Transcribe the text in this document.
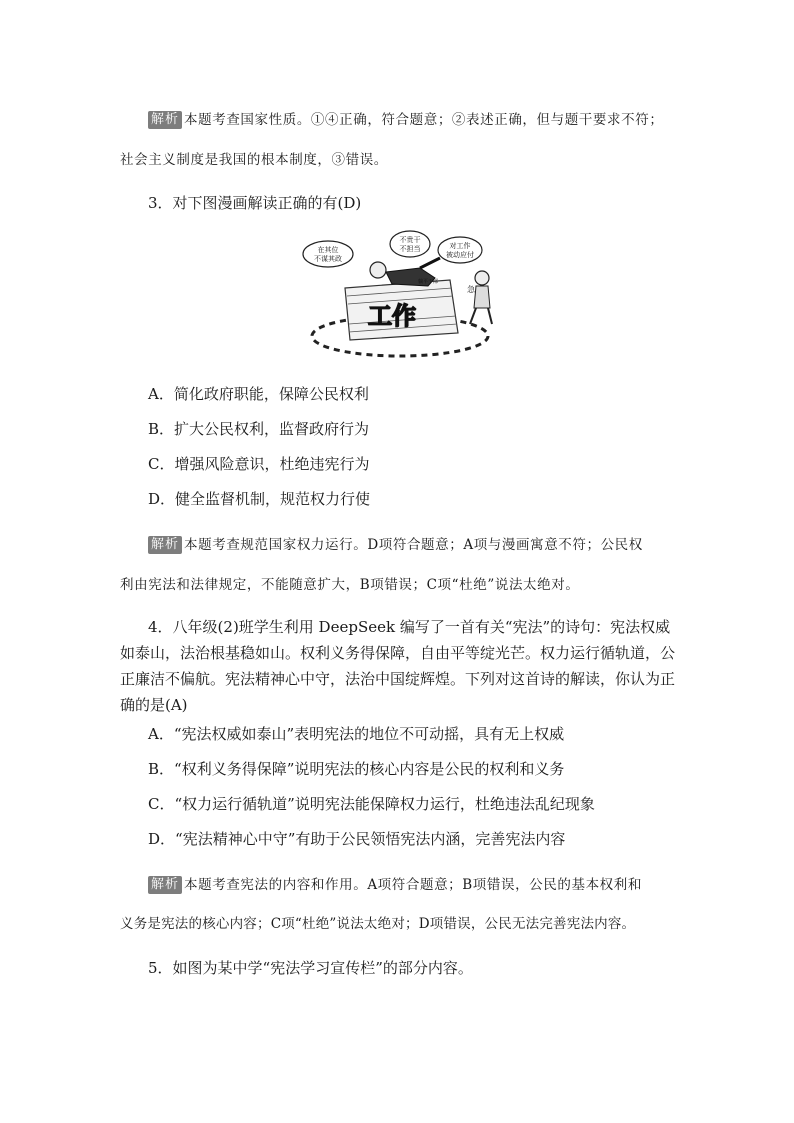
解析 本题考查国家性质。①④正确，符合题意；②表述正确，但与题干要求不符；
社会主义制度是我国的根本制度，③错误。
3．对下图漫画解读正确的有(D)
工作
躺平干部
在其位
不谋其政
不贵干
不担当	对工作
被动应付
急
A．简化政府职能，保障公民权利
B．扩大公民权利，监督政府行为
C．增强风险意识，杜绝违宪行为
D．健全监督机制，规范权力行使
解析 本题考查规范国家权力运行。D项符合题意；A项与漫画寓意不符；公民权
利由宪法和法律规定，不能随意扩大，B项错误；C项“杜绝”说法太绝对。
4．八年级(2)班学生利用 DeepSeek 编写了一首有关“宪法”的诗句：宪法权威如泰山，法治根基稳如山。权利义务得保障，自由平等绽光芒。权力运行循轨道，公正廉洁不偏航。宪法精神心中守，法治中国绽辉煌。下列对这首诗的解读，你认为正确的是(A)
A．“宪法权威如泰山”表明宪法的地位不可动摇，具有无上权威
B．“权利义务得保障”说明宪法的核心内容是公民的权利和义务
C．“权力运行循轨道”说明宪法能保障权力运行，杜绝违法乱纪现象
D．“宪法精神心中守”有助于公民领悟宪法内涵，完善宪法内容
解析 本题考查宪法的内容和作用。A项符合题意；B项错误，公民的基本权利和
义务是宪法的核心内容；C项“杜绝”说法太绝对；D项错误，公民无法完善宪法内容。
5．如图为某中学“宪法学习宣传栏”的部分内容。
